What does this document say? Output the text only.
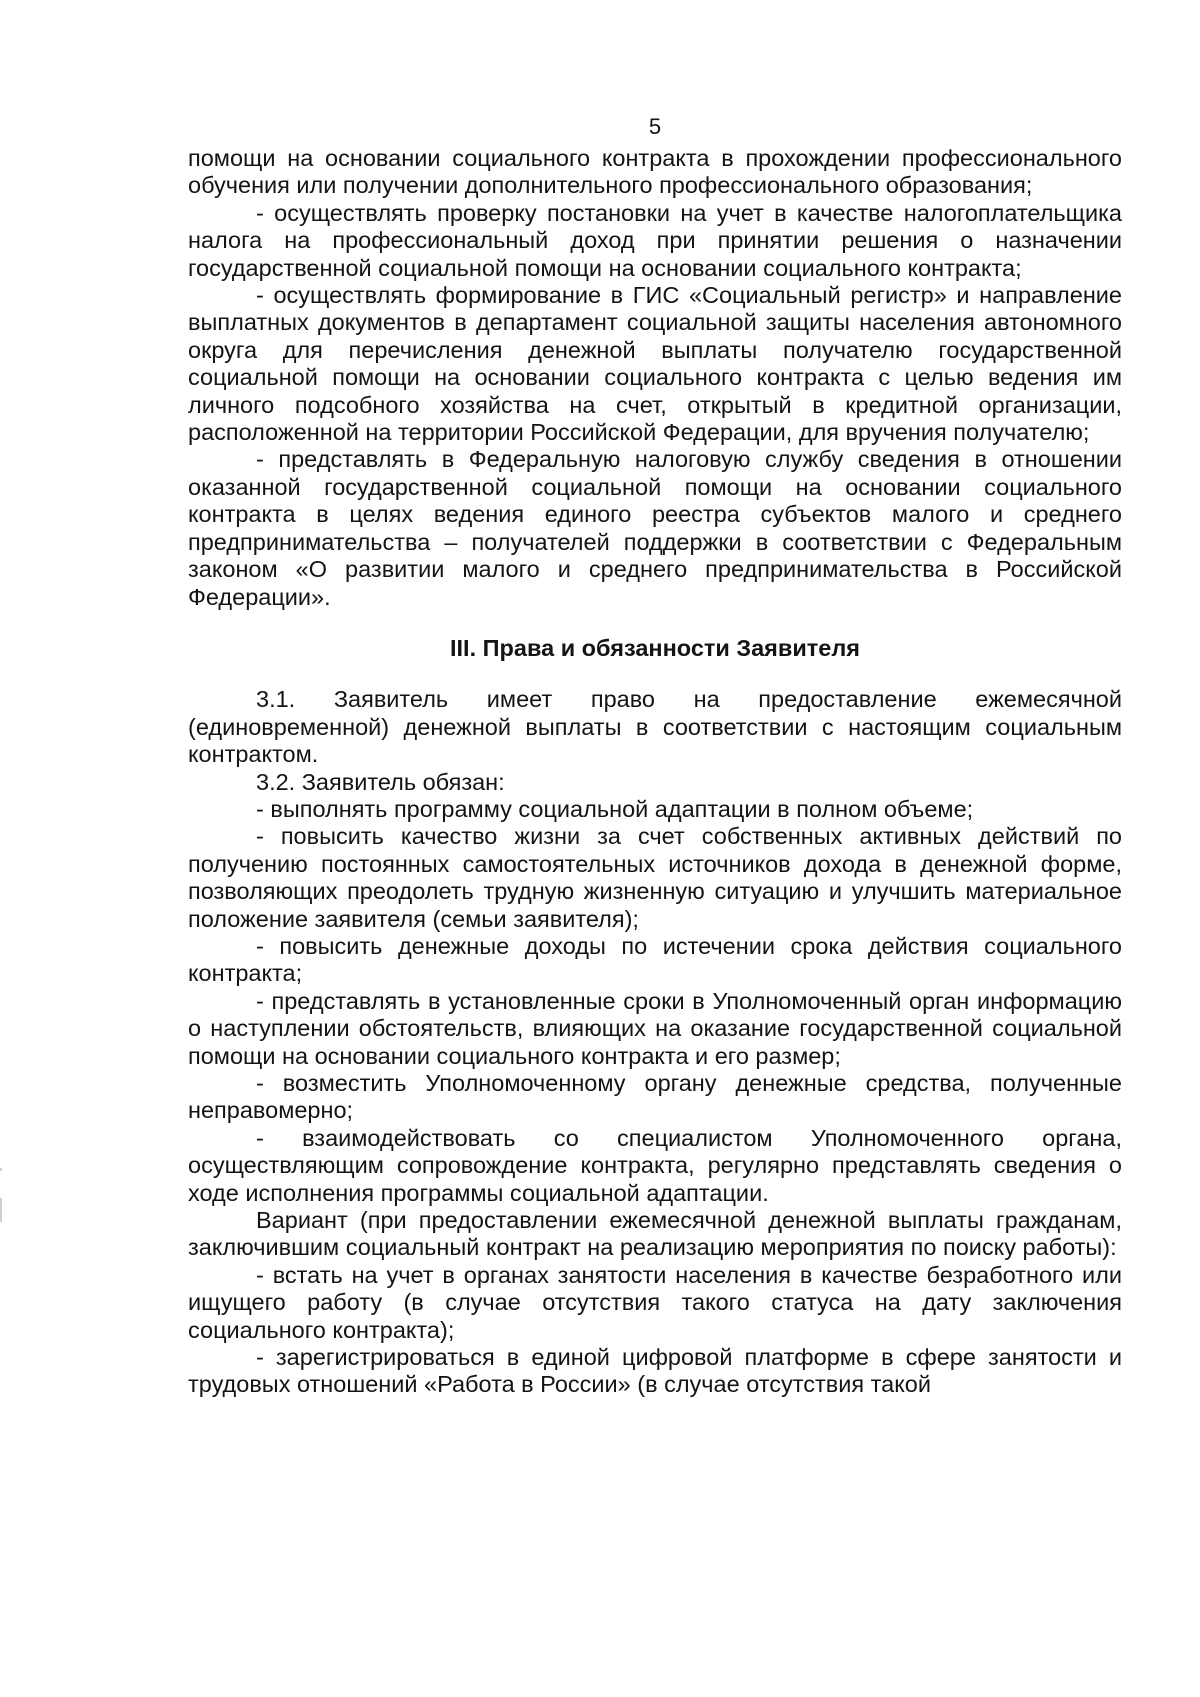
5

помощи на основании социального контракта в прохождении профессионального обучения или получении дополнительного профессионального образования;

- осуществлять проверку постановки на учет в качестве налогоплательщика налога на профессиональный доход при принятии решения о назначении государственной социальной помощи на основании социального контракта;

- осуществлять формирование в ГИС «Социальный регистр» и направление выплатных документов в департамент социальной защиты населения автономного округа для перечисления денежной выплаты получателю государственной социальной помощи на основании социального контракта с целью ведения им личного подсобного хозяйства на счет, открытый в кредитной организации, расположенной на территории Российской Федерации, для вручения получателю;

- представлять в Федеральную налоговую службу сведения в отношении оказанной государственной социальной помощи на основании социального контракта в целях ведения единого реестра субъектов малого и среднего предпринимательства – получателей поддержки в соответствии с Федеральным законом «О развитии малого и среднего предпринимательства в Российской Федерации».

III. Права и обязанности Заявителя

3.1. Заявитель имеет право на предоставление ежемесячной (единовременной) денежной выплаты в соответствии с настоящим социальным контрактом.

3.2. Заявитель обязан:

- выполнять программу социальной адаптации в полном объеме;

- повысить качество жизни за счет собственных активных действий по получению постоянных самостоятельных источников дохода в денежной форме, позволяющих преодолеть трудную жизненную ситуацию и улучшить материальное положение заявителя (семьи заявителя);

- повысить денежные доходы по истечении срока действия социального контракта;

- представлять в установленные сроки в Уполномоченный орган информацию о наступлении обстоятельств, влияющих на оказание государственной социальной помощи на основании социального контракта и его размер;

- возместить Уполномоченному органу денежные средства, полученные неправомерно;

- взаимодействовать со специалистом Уполномоченного органа, осуществляющим сопровождение контракта, регулярно представлять сведения о ходе исполнения программы социальной адаптации.

Вариант (при предоставлении ежемесячной денежной выплаты гражданам, заключившим социальный контракт на реализацию мероприятия по поиску работы):

- встать на учет в органах занятости населения в качестве безработного или ищущего работу (в случае отсутствия такого статуса на дату заключения социального контракта);

- зарегистрироваться в единой цифровой платформе в сфере занятости и трудовых отношений «Работа в России» (в случае отсутствия такой
